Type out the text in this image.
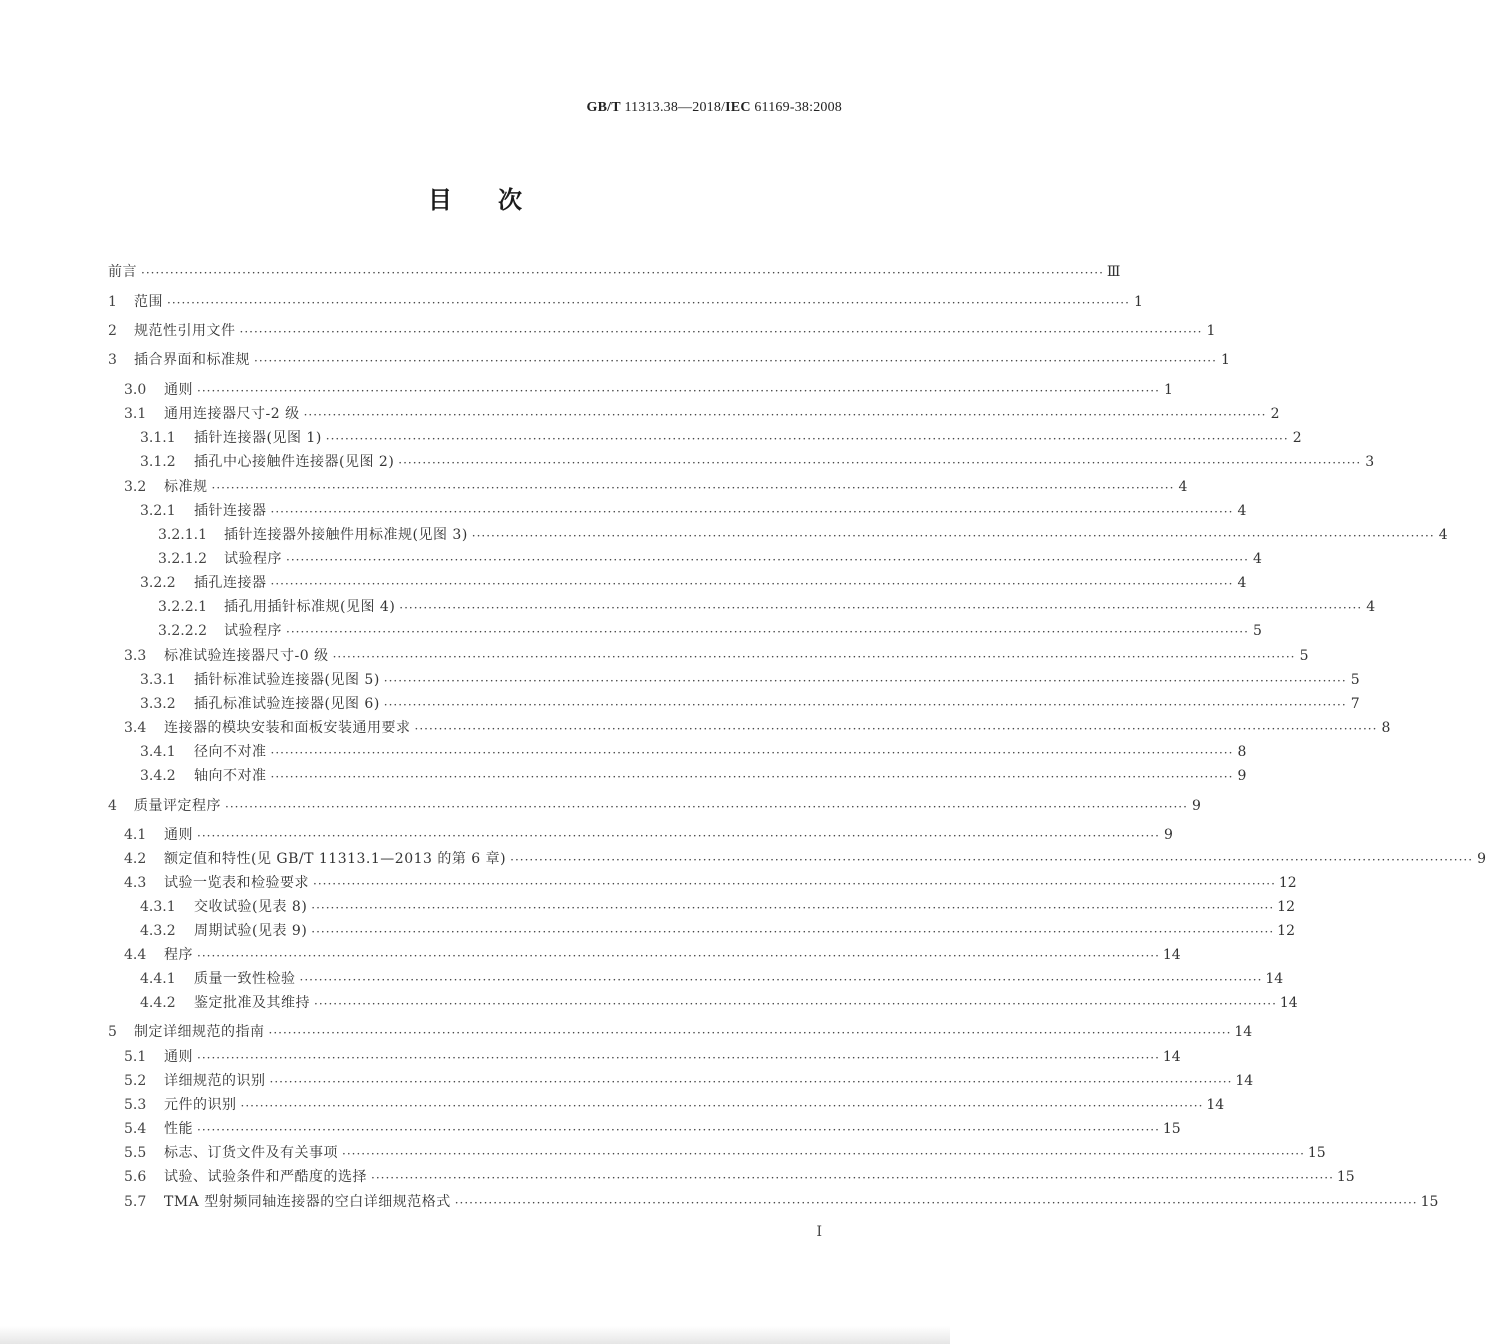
GB/T 11313.38—2018/IEC 61169-38:2008
目次
前言 ········································································································································································································ Ⅲ
1	范围 ········································································································································································································ 1
2	规范性引用文件 ········································································································································································································ 1
3	插合界面和标准规 ········································································································································································································ 1
3.0	通则 ········································································································································································································ 1
3.1	通用连接器尺寸-2 级 ········································································································································································································ 2
3.1.1	插针连接器(见图 1) ········································································································································································································ 2
3.1.2	插孔中心接触件连接器(见图 2) ········································································································································································································ 3
3.2	标准规 ········································································································································································································ 4
3.2.1	插针连接器 ········································································································································································································ 4
3.2.1.1	插针连接器外接触件用标准规(见图 3) ········································································································································································································ 4
3.2.1.2	试验程序 ········································································································································································································ 4
3.2.2	插孔连接器 ········································································································································································································ 4
3.2.2.1	插孔用插针标准规(见图 4) ········································································································································································································ 4
3.2.2.2	试验程序 ········································································································································································································ 5
3.3	标准试验连接器尺寸-0 级 ········································································································································································································ 5
3.3.1	插针标准试验连接器(见图 5) ········································································································································································································ 5
3.3.2	插孔标准试验连接器(见图 6) ········································································································································································································ 7
3.4	连接器的模块安装和面板安装通用要求 ········································································································································································································ 8
3.4.1	径向不对准 ········································································································································································································ 8
3.4.2	轴向不对准 ········································································································································································································ 9
4	质量评定程序 ········································································································································································································ 9
4.1	通则 ········································································································································································································ 9
4.2	额定值和特性(见 GB/T 11313.1—2013 的第 6 章) ········································································································································································································ 9
4.3	试验一览表和检验要求 ········································································································································································································ 12
4.3.1	交收试验(见表 8) ········································································································································································································ 12
4.3.2	周期试验(见表 9) ········································································································································································································ 12
4.4	程序 ········································································································································································································ 14
4.4.1	质量一致性检验 ········································································································································································································ 14
4.4.2	鉴定批准及其维持 ········································································································································································································ 14
5	制定详细规范的指南 ········································································································································································································ 14
5.1	通则 ········································································································································································································ 14
5.2	详细规范的识别 ········································································································································································································ 14
5.3	元件的识别 ········································································································································································································ 14
5.4	性能 ········································································································································································································ 15
5.5	标志、订货文件及有关事项 ········································································································································································································ 15
5.6	试验、试验条件和严酷度的选择 ········································································································································································································ 15
5.7	TMA 型射频同轴连接器的空白详细规范格式 ········································································································································································································ 15
I
